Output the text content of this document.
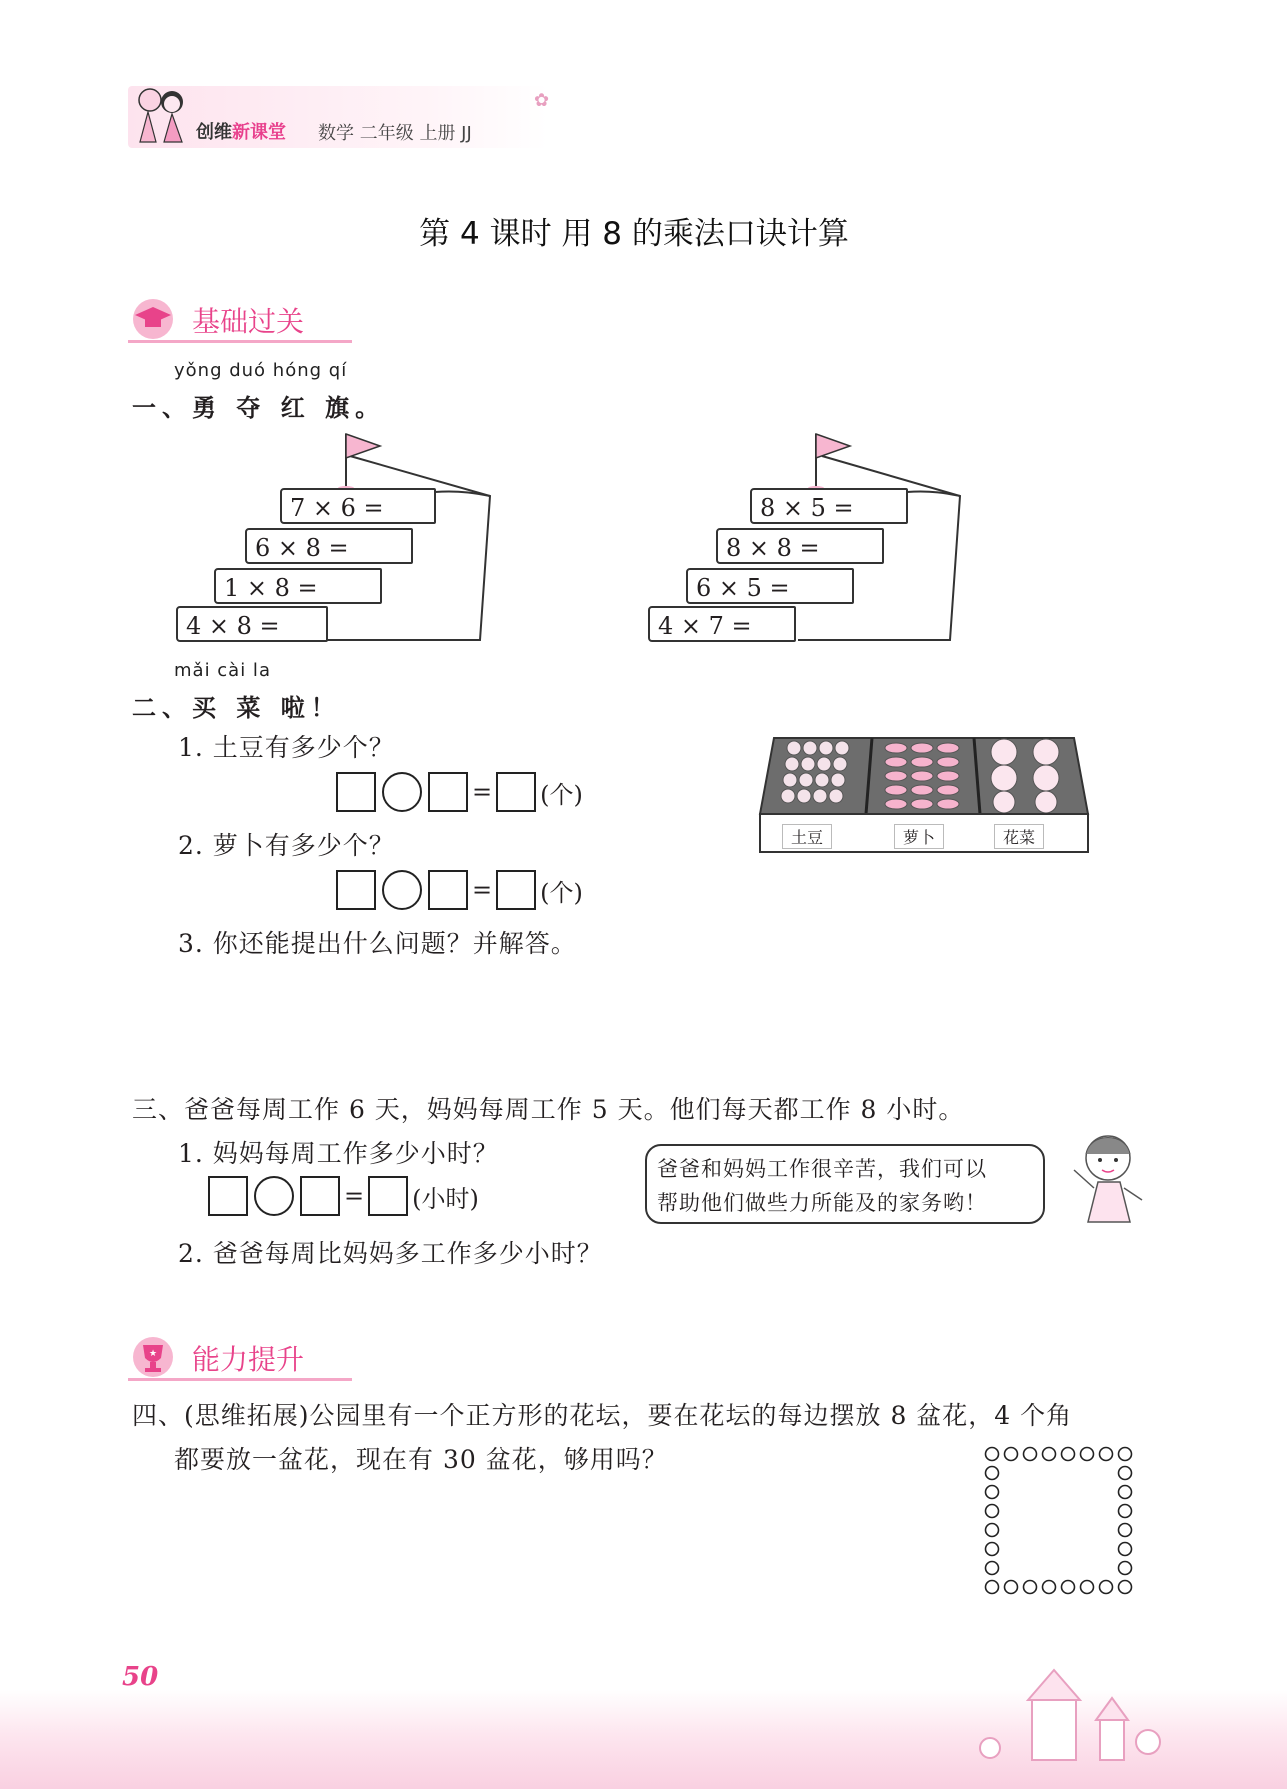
创维新课堂 数学 二年级 上册 JJ
✿
第 4 课时 用 8 的乘法口诀计算
基础过关
yǒng duó hóng qí
一、勇 夺 红 旗。
7 × 6 =
6 × 8 =
1 × 8 =
4 × 8 =
8 × 5 =
8 × 8 =
6 × 5 =
4 × 7 =
mǎi cài la
二、买 菜 啦！
1. 土豆有多少个？
= (个)
2. 萝卜有多少个？
= (个)
3. 你还能提出什么问题？并解答。
土豆	萝卜	花菜
三、爸爸每周工作 6 天，妈妈每周工作 5 天。他们每天都工作 8 小时。
1. 妈妈每周工作多少小时？
= (小时)
2. 爸爸每周比妈妈多工作多少小时？
爸爸和妈妈工作很辛苦，我们可以
帮助他们做些力所能及的家务哟！
★ 能力提升
四、(思维拓展)公园里有一个正方形的花坛，要在花坛的每边摆放 8 盆花，4 个角
都要放一盆花，现在有 30 盆花，够用吗？
50
